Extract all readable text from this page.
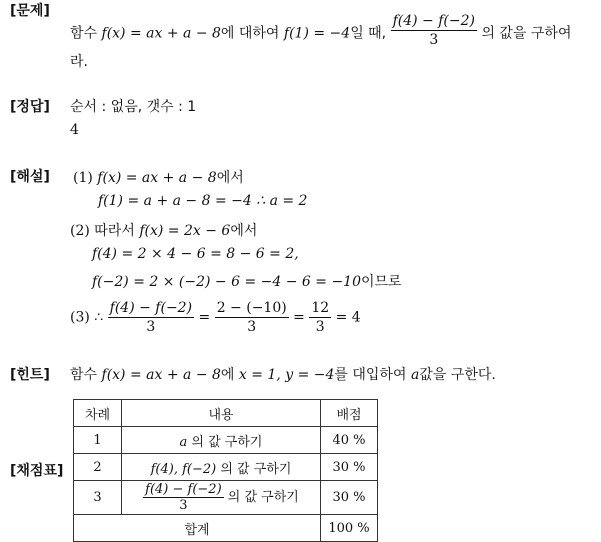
[문제]
함수 f(x) = ax + a − 8에 대하여 f(1) = −4일 때, $\frac{f(4) - f(-2)}{3}$ 의 값을 구하여
라.
[정답] 순서 : 없음, 갯수 : 1
4
[해설] (1) f(x) = ax + a − 8에서
f(1) = a + a − 8 = −4 ∴ a = 2
(2) 따라서 f(x) = 2x − 6에서
f(4) = 2 × 4 − 6 = 8 − 6 = 2,
f(−2) = 2 × (−2) − 6 = −4 − 6 = −10이므로
(3) ∴ $\frac{f(4) - f(-2)}{3} = \frac{2 - (-10)}{3} = \frac{12}{3} = 4$
[힌트] 함수 f(x) = ax + a − 8에 x = 1, y = −4를 대입하여 a값을 구한다.
[채점표]
차례	내용	배점
1	a 의 값 구하기	40 %
2	f(4), f(−2) 의 값 구하기	30 %
3	$\frac{f(4) - f(-2)}{3}$ 의 값 구하기	30 %
합계		100 %
